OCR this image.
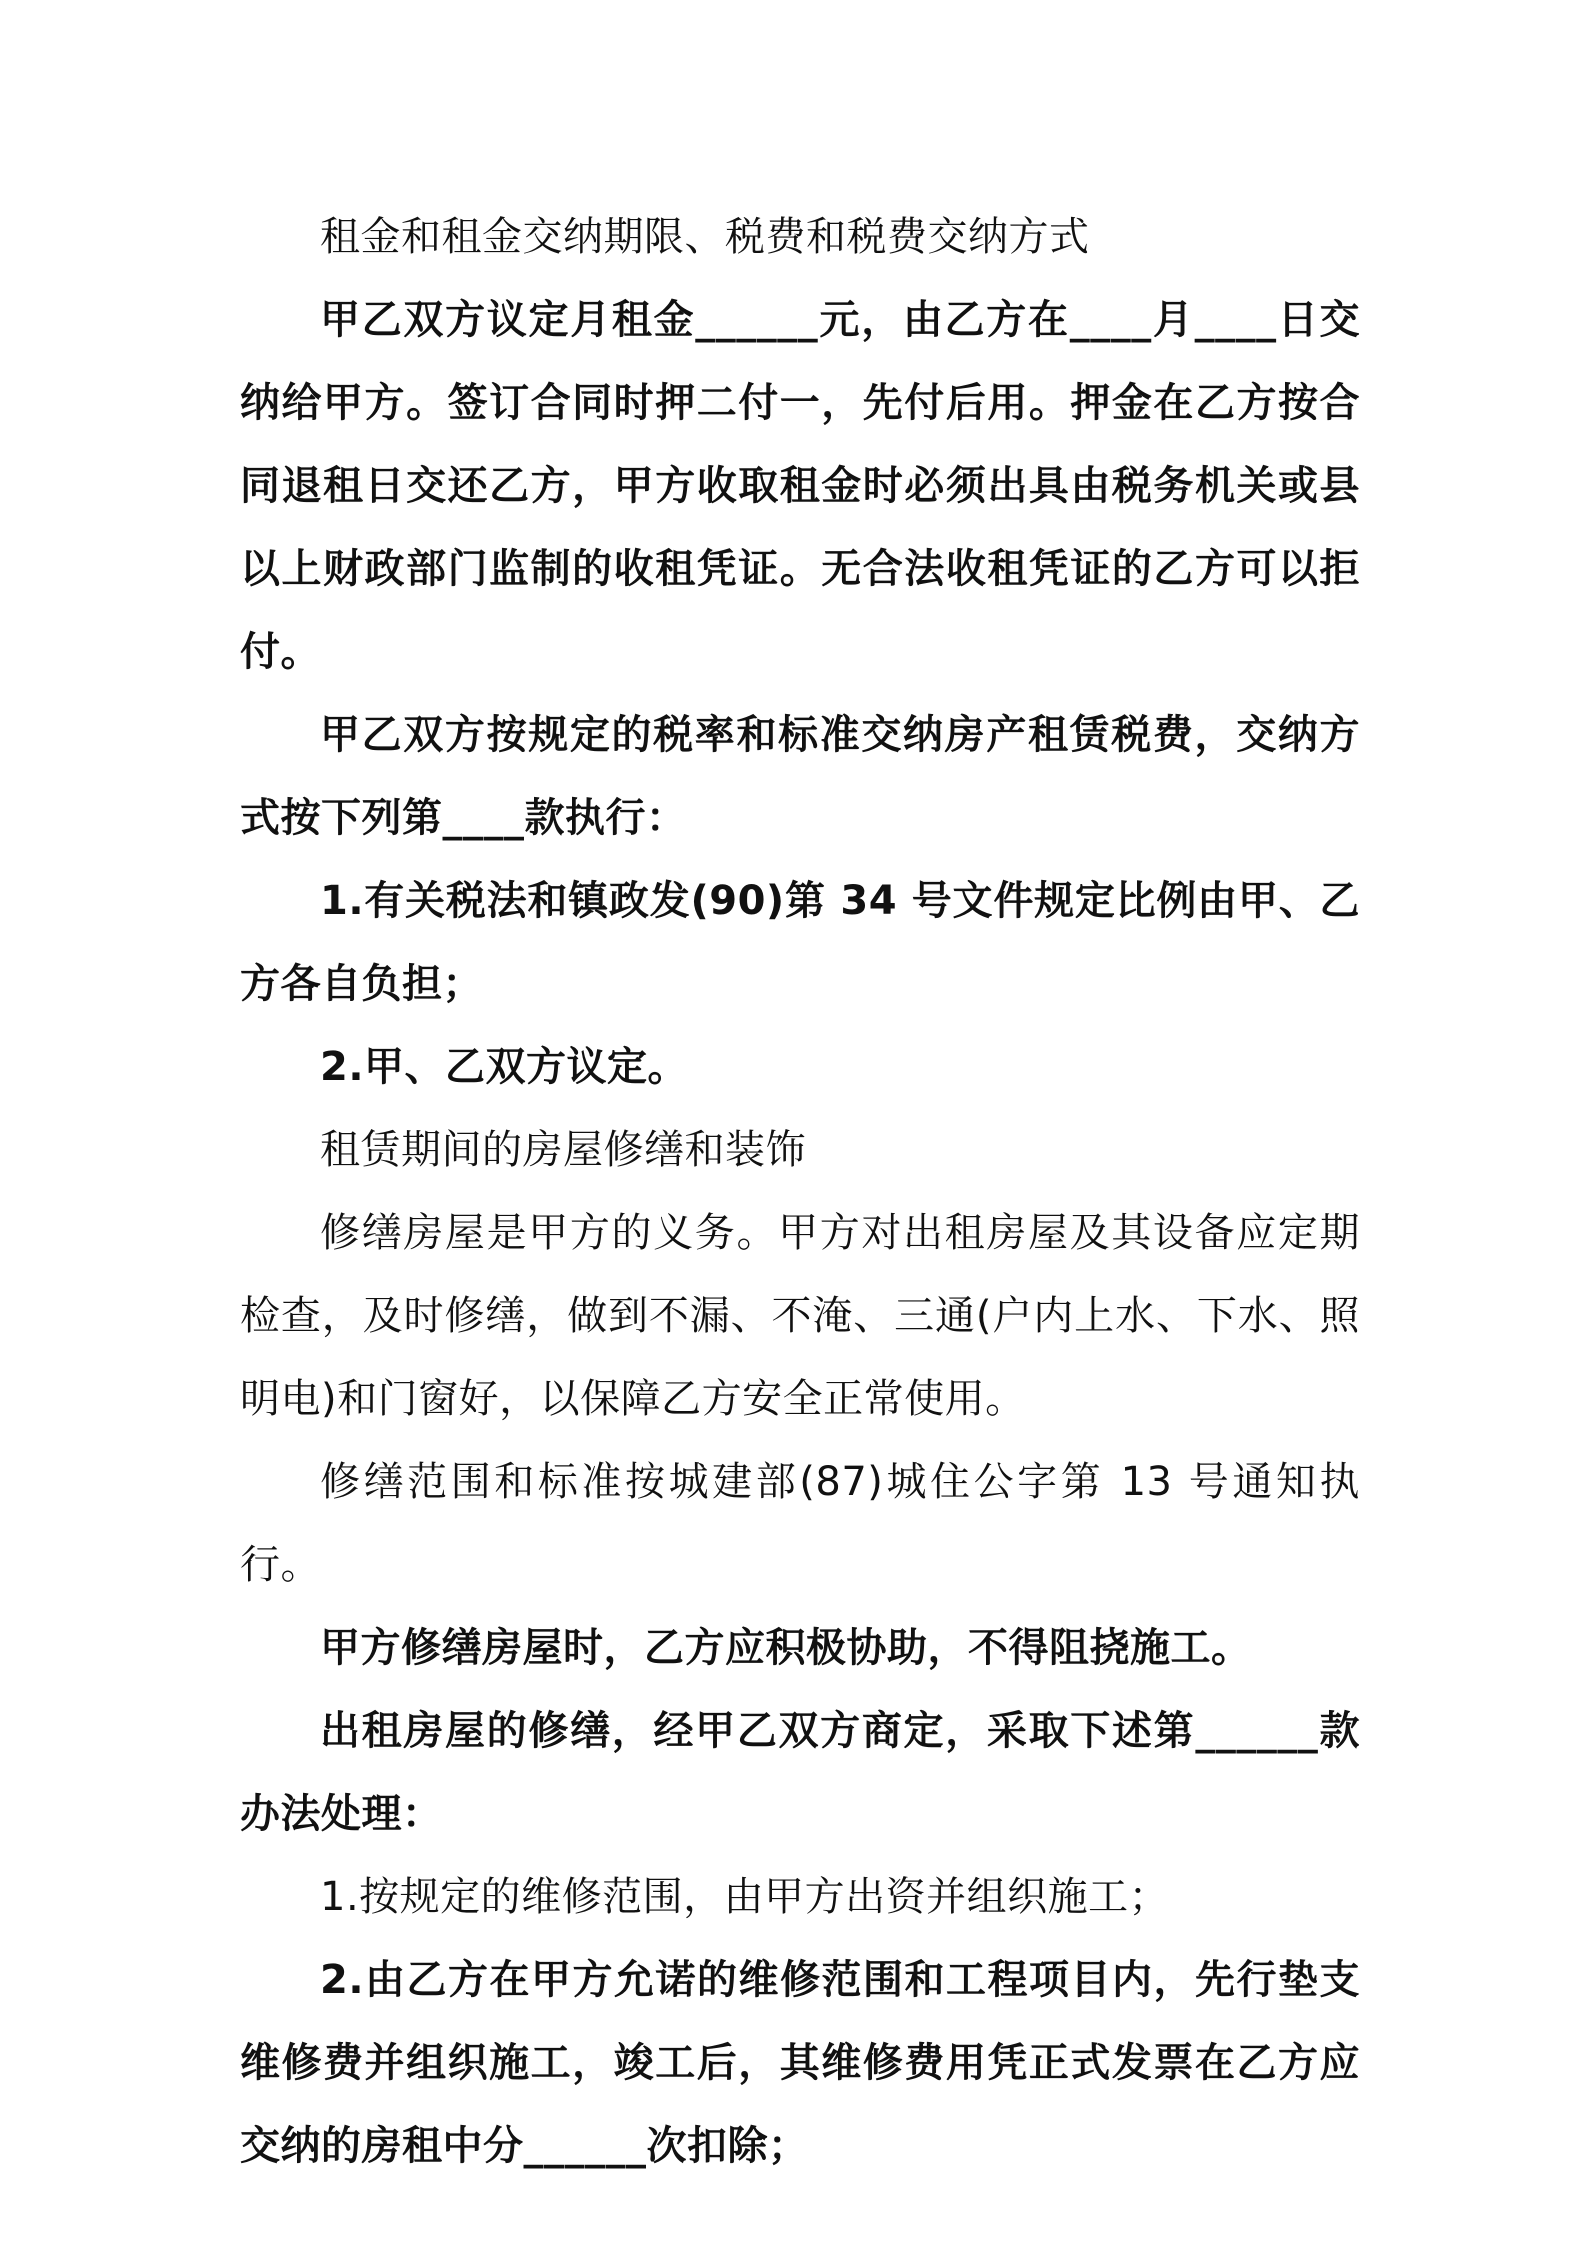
租金和租金交纳期限、税费和税费交纳方式

甲乙双方议定月租金______元，由乙方在____月____日交纳给甲方。签订合同时押二付一，先付后用。押金在乙方按合同退租日交还乙方，甲方收取租金时必须出具由税务机关或县以上财政部门监制的收租凭证。无合法收租凭证的乙方可以拒付。

甲乙双方按规定的税率和标准交纳房产租赁税费，交纳方式按下列第____款执行：

1.有关税法和镇政发(90)第 34 号文件规定比例由甲、乙方各自负担；

2.甲、乙双方议定。

租赁期间的房屋修缮和装饰

修缮房屋是甲方的义务。甲方对出租房屋及其设备应定期检查，及时修缮，做到不漏、不淹、三通(户内上水、下水、照明电)和门窗好，以保障乙方安全正常使用。

修缮范围和标准按城建部(87)城住公字第 13 号通知执行。

甲方修缮房屋时，乙方应积极协助，不得阻挠施工。

出租房屋的修缮，经甲乙双方商定，采取下述第______款办法处理：

1.按规定的维修范围，由甲方出资并组织施工；

2.由乙方在甲方允诺的维修范围和工程项目内，先行垫支维修费并组织施工，竣工后，其维修费用凭正式发票在乙方应交纳的房租中分______次扣除；
